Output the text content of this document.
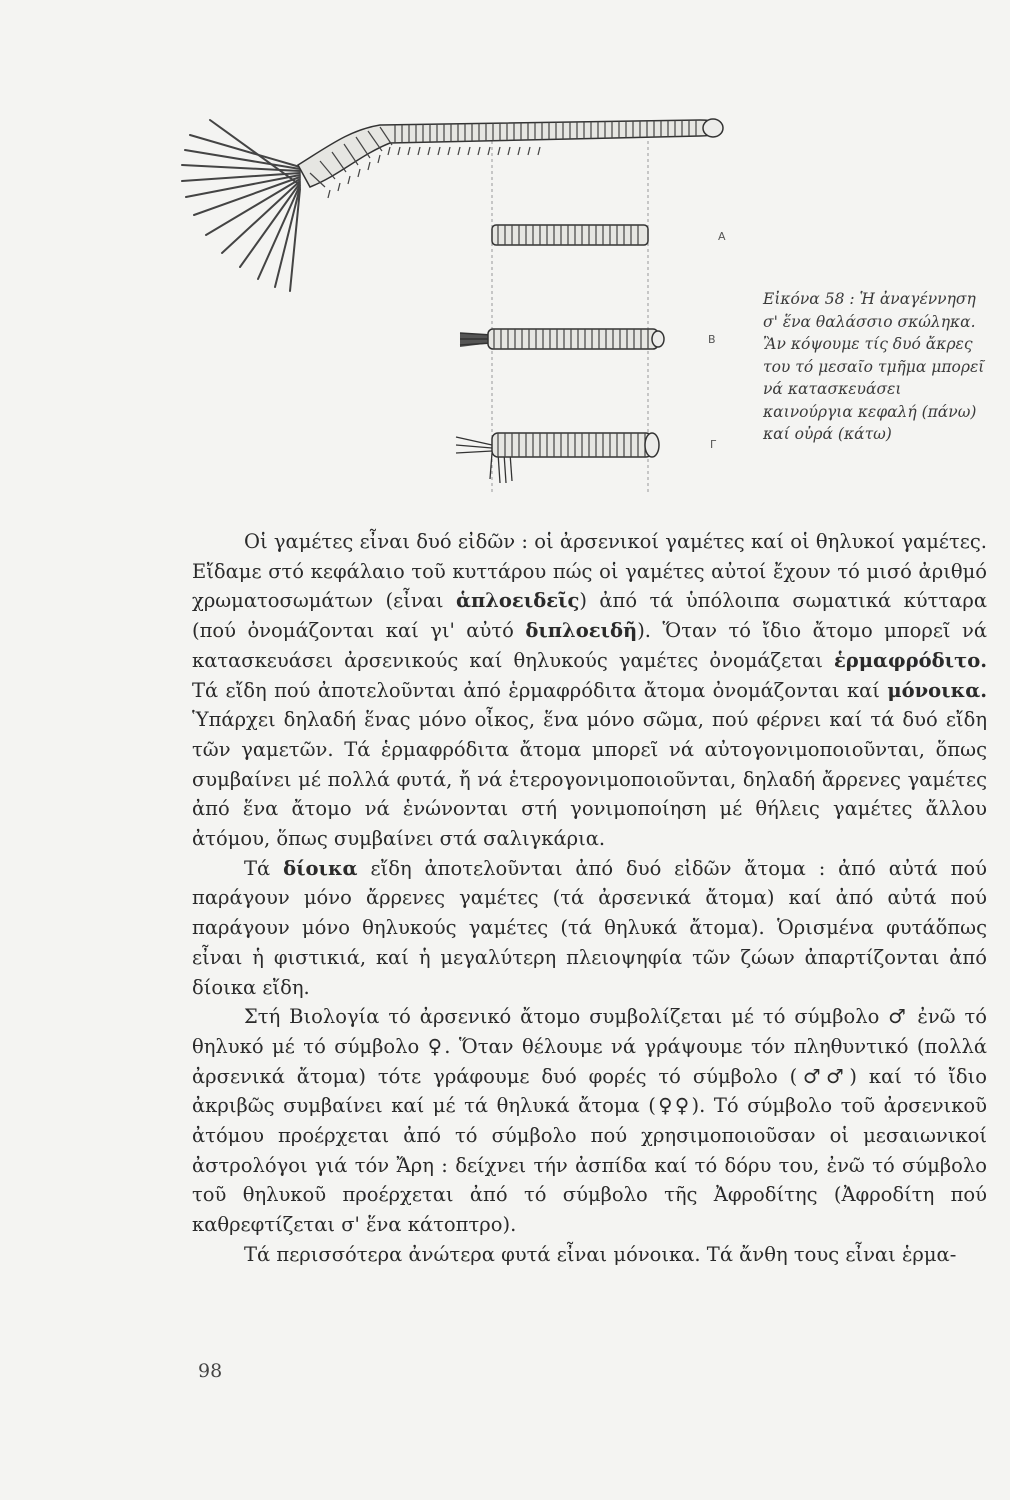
A
B
Γ
Εἰκόνα 58 : Ἡ ἀναγέννηση σ' ἕνα θαλάσσιο σκώληκα. Ἂν κόψουμε τίς δυό ἄκρες του τό μεσαῖο τμῆμα μπορεῖ νά κατασκευάσει καινούργια κεφαλή (πάνω) καί οὐρά (κάτω)

Οἱ γαμέτες εἶναι δυό εἰδῶν : οἱ ἀρσενικοί γαμέτες καί οἱ θηλυκοί γαμέτες. Εἴδαμε στό κεφάλαιο τοῦ κυττάρου πώς οἱ γαμέτες αὐτοί ἔχουν τό μισό ἀριθμό χρωματοσωμάτων (εἶναι ἁπλοειδεῖς) ἀπό τά ὑπόλοιπα σωματικά κύτταρα (πού ὀνομάζονται καί γι' αὐτό διπλοειδῆ). Ὅταν τό ἴδιο ἄτομο μπορεῖ νά κατασκευάσει ἀρσενικούς καί θηλυκούς γαμέτες ὀνομάζεται ἑρμαφρόδιτο. Τά εἴδη πού ἀποτελοῦνται ἀπό ἑρμαφρόδιτα ἄτομα ὀνομάζονται καί μόνοικα. Ὑπάρχει δηλαδή ἕνας μόνο οἶκος, ἕνα μόνο σῶμα, πού φέρνει καί τά δυό εἴδη τῶν γαμετῶν. Τά ἑρμαφρόδιτα ἄτομα μπορεῖ νά αὐτογονιμοποιοῦνται, ὅπως συμβαίνει μέ πολλά φυτά, ἤ νά ἑτερογονιμοποιοῦνται, δηλαδή ἄρρενες γαμέτες ἀπό ἕνα ἄτομο νά ἑνώνονται στή γονιμοποίηση μέ θήλεις γαμέτες ἄλλου ἀτόμου, ὅπως συμβαίνει στά σαλιγκάρια.

Τά δίοικα εἴδη ἀποτελοῦνται ἀπό δυό εἰδῶν ἄτομα : ἀπό αὐτά πού παράγουν μόνο ἄρρενες γαμέτες (τά ἀρσενικά ἄτομα) καί ἀπό αὐτά πού παράγουν μόνο θηλυκούς γαμέτες (τά θηλυκά ἄτομα). Ὁρισμένα φυτάὅπως εἶναι ἡ φιστικιά, καί ἡ μεγαλύτερη πλειοψηφία τῶν ζώων ἀπαρτίζονται ἀπό δίοικα εἴδη.

Στή Βιολογία τό ἀρσενικό ἄτομο συμβολίζεται μέ τό σύμβολο ♂ ἐνῶ τό θηλυκό μέ τό σύμβολο ♀. Ὅταν θέλουμε νά γράψουμε τόν πληθυντικό (πολλά ἀρσενικά ἄτομα) τότε γράφουμε δυό φορές τό σύμβολο (♂♂) καί τό ἴδιο ἀκριβῶς συμβαίνει καί μέ τά θηλυκά ἄτομα (♀♀). Τό σύμβολο τοῦ ἀρσενικοῦ ἀτόμου προέρχεται ἀπό τό σύμβολο πού χρησιμοποιοῦσαν οἱ μεσαιωνικοί ἀστρολόγοι γιά τόν Ἄρη : δείχνει τήν ἀσπίδα καί τό δόρυ του, ἐνῶ τό σύμβολο τοῦ θηλυκοῦ προέρχεται ἀπό τό σύμβολο τῆς Ἀφροδίτης (Ἀφροδίτη πού καθρεφτίζεται σ' ἕνα κάτοπτρο).

Τά περισσότερα ἀνώτερα φυτά εἶναι μόνοικα. Τά ἄνθη τους εἶναι ἑρμα-

98
